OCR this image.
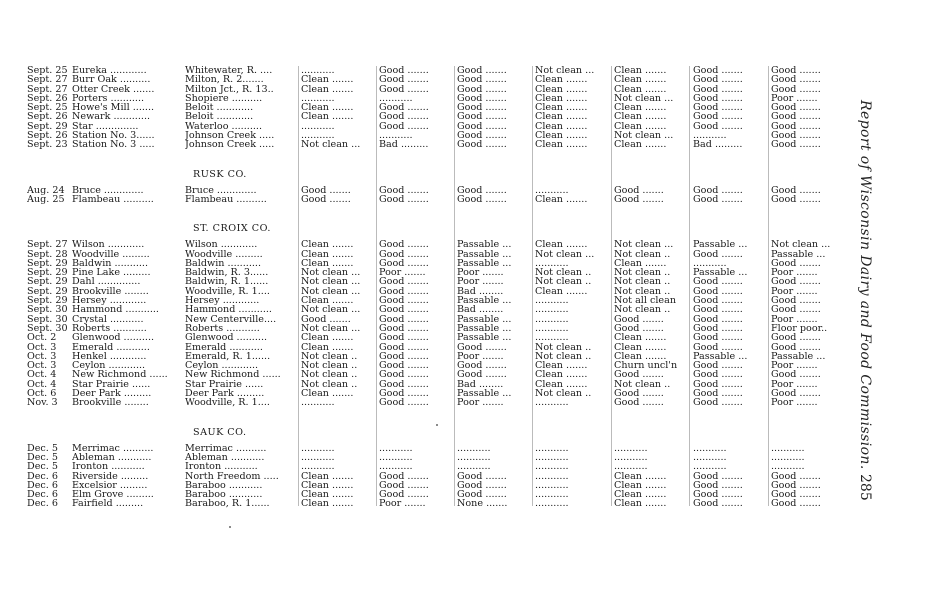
Sept. 25 Eureka ............	Whitewater, R. ....	...........	Good .......	Good .......	Not clean ...	Clean .......	Good .......	Good .......
Sept. 27 Burr Oak ..........	Milton, R. 2.......	Clean .......	Good .......	Good .......	Clean .......	Clean .......	Good .......	Good .......
Sept. 27 Otter Creek .......	Milton Jct., R. 13..	Clean .......	Good .......	Good .......	Clean .......	Clean .......	Good .......	Good .......
Sept. 26 Porters ...........	Shopiere ..........	...........	...........	Good .......	Clean .......	Not clean ...	Good .......	Poor .......
Sept. 25 Howe's Mill .......	Beloit ............	Clean .......	Good .......	Good .......	Clean .......	Clean .......	Good .......	Good .......
Sept. 26 Newark ............	Beloit ............	Clean .......	Good .......	Good .......	Clean .......	Clean .......	Good .......	Good .......
Sept. 29 Star ..............	Waterloo ..........	...........	Good .......	Good .......	Clean .......	Clean .......	Good .......	Good .......
Sept. 26 Station No. 3......	Johnson Creek .....	...........	...........	Good .......	Clean .......	Not clean ...	...........	Good .......
Sept. 23 Station No. 3 .....	Johnson Creek .....	Not clean ...	Bad .........	Good .......	Clean .......	Clean .......	Bad .........	Good .......
RUSK CO.
Aug. 24 Bruce .............	Bruce .............	Good .......	Good .......	Good .......	...........	Good .......	Good .......	Good .......
Aug. 25 Flambeau ..........	Flambeau ..........	Good .......	Good .......	Good .......	Clean .......	Good .......	Good .......	Good .......
ST. CROIX CO.
Sept. 27 Wilson ............	Wilson ............	Clean .......	Good .......	Passable ...	Clean .......	Not clean ...	Passable ...	Not clean ...
Sept. 28 Woodville .........	Woodville .........	Clean .......	Good .......	Passable ...	Not clean ...	Not clean ..	Good .......	Passable ...
Sept. 29 Baldwin ...........	Baldwin ...........	Clean .......	Good .......	Passable ...	...........	Clean .......	...........	Good .......
Sept. 29 Pine Lake .........	Baldwin, R. 3......	Not clean ...	Poor .......	Poor .......	Not clean ..	Not clean ..	Passable ...	Poor .......
Sept. 29 Dahl ..............	Baldwin, R. 1......	Not clean ...	Good .......	Poor .......	Not clean ..	Not clean ..	Good .......	Good .......
Sept. 29 Brookville ........	Woodville, R. 1....	Not clean ...	Good .......	Bad ........	Clean .......	Not clean ..	Good .......	Poor .......
Sept. 29 Hersey ............	Hersey ............	Clean .......	Good .......	Passable ...	...........	Not all clean	Good .......	Good .......
Sept. 30 Hammond ...........	Hammond ...........	Not clean ...	Good .......	Bad ........	...........	Not clean ..	Good .......	Good .......
Sept. 30 Crystal ...........	New Centerville....	Good .......	Good .......	Passable ...	...........	Good .......	Good .......	Poor .......
Sept. 30 Roberts ...........	Roberts ...........	Not clean ...	Good .......	Passable ...	...........	Good .......	Good .......	Floor poor..
Oct. 2	Glenwood ..........	Glenwood ..........	Clean .......	Good .......	Passable ...	...........	Clean .......	Good .......	Good .......
Oct. 3	Emerald ...........	Emerald ...........	Clean .......	Good .......	Good .......	Not clean ..	Clean .......	Good .......	Good .......
Oct. 3	Henkel ............	Emerald, R. 1......	Not clean ..	Good .......	Poor .......	Not clean ..	Clean .......	Passable ...	Passable ...
Oct. 3	Ceylon ............	Ceylon ............	Not clean ..	Good .......	Good .......	Clean .......	Churn uncl'n	Good .......	Poor .......
Oct. 4	New Richmond ......	New Richmond ......	Not clean ..	Good .......	Good .......	Clean .......	Good .......	Good .......	Good .......
Oct. 4	Star Prairie ......	Star Prairie ......	Not clean ..	Good .......	Bad ........	Clean .......	Not clean ..	Good .......	Poor .......
Oct. 6	Deer Park .........	Deer Park .........	Clean .......	Good .......	Passable ...	Not clean ..	Good .......	Good .......	Good .......
Nov. 3	Brookville ........	Woodville, R. 1....	...........	Good .......	Poor .......	...........	Good .......	Good .......	Poor .......
SAUK CO.
Dec. 5	Merrimac ..........	Merrimac ..........	...........	...........	...........	...........	...........	...........	...........
Dec. 5	Ableman ...........	Ableman ...........	...........	...........	...........	...........	...........	...........	...........
Dec. 5	Ironton ...........	Ironton ...........	...........	...........	...........	...........	...........	...........	...........
Dec. 6	Riverside .........	North Freedom .....	Clean .......	Good .......	Good .......	...........	Clean .......	Good .......	Good .......
Dec. 6	Excelsior .........	Baraboo ...........	Clean .......	Good .......	Good .......	...........	Clean .......	Good .......	Good .......
Dec. 6	Elm Grove .........	Baraboo ...........	Clean .......	Good .......	Good .......	...........	Clean .......	Good .......	Good .......
Dec. 6	Fairfield .........	Baraboo, R. 1......	Clean .......	Poor .......	None .......	...........	Clean .......	Good .......	Good .......
Report of Wisconsin Dairy and Food Commission.
285
